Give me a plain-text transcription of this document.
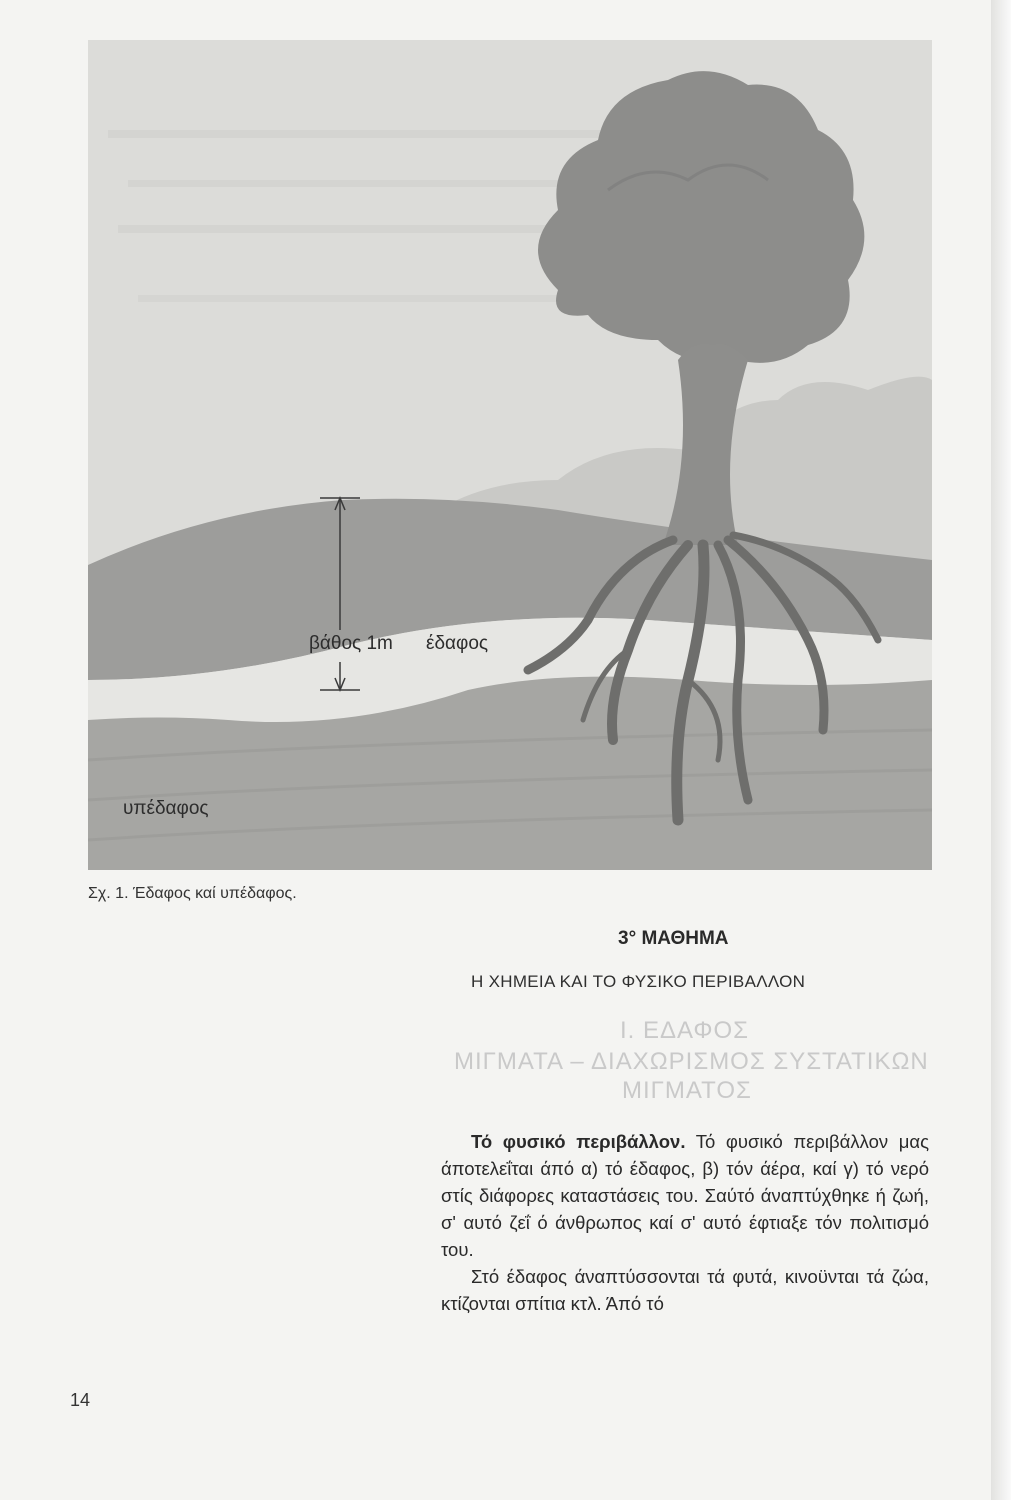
βάθος 1m έδαφος
υπέδαφος
Σχ. 1. Έδαφος καί υπέδαφος.
3° ΜΑΘΗΜΑ
Η ΧΗΜΕΙΑ ΚΑΙ ΤΟ ΦΥΣΙΚΟ ΠΕΡΙΒΑΛΛΟΝ
Ι. ΕΔΑΦΟΣ
ΜΙΓΜΑΤΑ – ΔΙΑΧΩΡΙΣΜΟΣ ΣΥΣΤΑΤΙΚΩΝ
ΜΙΓΜΑΤΟΣ

Τό φυσικό περιβάλλον. Τό φυσικό περιβάλλον μας άποτελεΐται άπό α) τό έδαφος, β) τόν άέρα, καί γ) τό νερό στίς διάφορες καταστάσεις του. Σαύτό άναπτύχθηκε ή ζωή, σ' αυτό ζεΐ ό άνθρωπος καί σ' αυτό έφτιαξε τόν πολιτισμό του.

Στό έδαφος άναπτύσσονται τά φυτά, κινοϋνται τά ζώα, κτίζονται σπίτια κτλ. Άπό τό

14
